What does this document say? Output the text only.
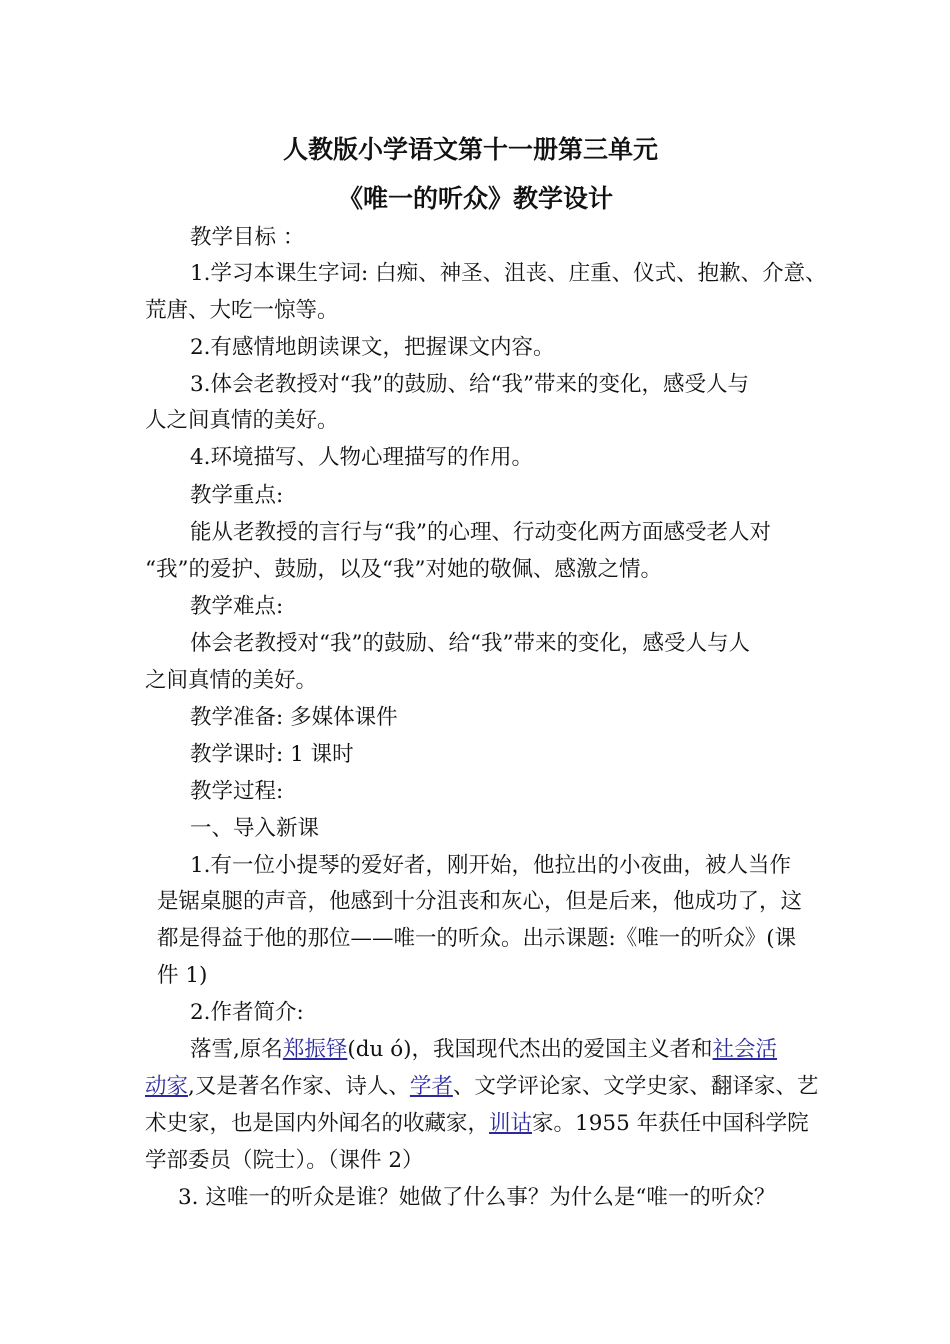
人教版小学语文第十一册第三单元
《唯一的听众》教学设计
教学目标 ：
1.学习本课生字词: 白痴、神圣、沮丧、庄重、仪式、抱歉、介意、
荒唐、大吃一惊等。
2.有感情地朗读课文，把握课文内容。
3.体会老教授对“我”的鼓励、给“我”带来的变化，感受人与
人之间真情的美好。
4.环境描写、人物心理描写的作用。
教学重点:
能从老教授的言行与“我”的心理、行动变化两方面感受老人对
“我”的爱护、鼓励，以及“我”对她的敬佩、感激之情。
教学难点:
体会老教授对“我”的鼓励、给“我”带来的变化，感受人与人
之间真情的美好。
教学准备: 多媒体课件
教学课时: 1 课时
教学过程:
一、导入新课
1.有一位小提琴的爱好者，刚开始，他拉出的小夜曲，被人当作
是锯桌腿的声音，他感到十分沮丧和灰心，但是后来，他成功了，这
都是得益于他的那位——唯一的听众。出示课题:《唯一的听众》(课
件 1)
2.作者简介:
落雪,原名郑振铎(du ó)，我国现代杰出的爱国主义者和社会活
动家,又是著名作家、诗人、学者、文学评论家、文学史家、翻译家、艺
术史家，也是国内外闻名的收藏家，训诂家。1955 年获任中国科学院
学部委员（院士）。（课件 2）
3. 这唯一的听众是谁？她做了什么事？为什么是“唯一的听众？
